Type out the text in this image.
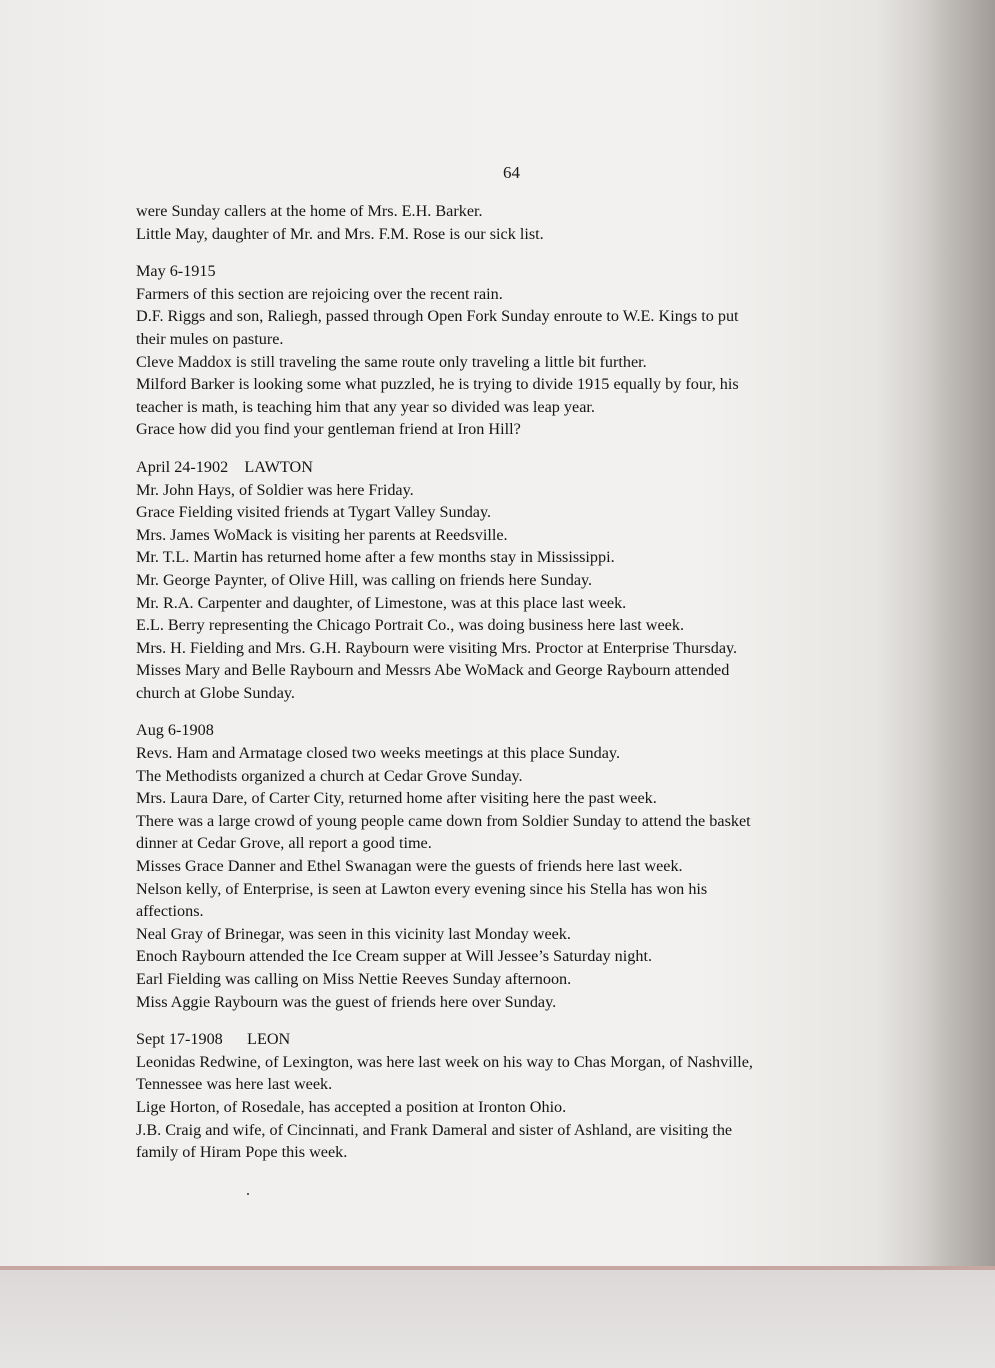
64
were Sunday callers at the home of Mrs. E.H. Barker.
Little May, daughter of Mr. and Mrs. F.M. Rose is our sick list.
May 6-1915
Farmers of this section are rejoicing over the recent rain.
D.F. Riggs and son, Raliegh, passed through Open Fork Sunday enroute to W.E. Kings to put
their mules on pasture.
Cleve Maddox is still traveling the same route only traveling a little bit further.
Milford Barker is looking some what puzzled, he is trying to divide 1915 equally by four, his
teacher is math, is teaching him that any year so divided was leap year.
Grace how did you find your gentleman friend at Iron Hill?
April 24-1902    LAWTON
Mr. John Hays, of Soldier was here Friday.
Grace Fielding visited friends at Tygart Valley Sunday.
Mrs. James WoMack is visiting her parents at Reedsville.
Mr. T.L. Martin has returned home after a few months stay in Mississippi.
Mr. George Paynter, of Olive Hill, was calling on friends here Sunday.
Mr. R.A. Carpenter and daughter, of Limestone, was at this place last week.
E.L. Berry representing the Chicago Portrait Co., was doing business here last week.
Mrs. H. Fielding and Mrs. G.H. Raybourn were visiting Mrs. Proctor at Enterprise Thursday.
Misses Mary and Belle Raybourn and Messrs Abe WoMack and George Raybourn attended
church at Globe Sunday.
Aug 6-1908
Revs. Ham and Armatage closed two weeks meetings at this place Sunday.
The Methodists organized a church at Cedar Grove Sunday.
Mrs. Laura Dare, of Carter City, returned home after visiting here the past week.
There was a large crowd of young people came down from Soldier Sunday to attend the basket
dinner at Cedar Grove, all report a good time.
Misses Grace Danner and Ethel Swanagan were the guests of friends here last week.
Nelson kelly, of Enterprise, is seen at Lawton every evening since his Stella has won his
affections.
Neal Gray of Brinegar, was seen in this vicinity last Monday week.
Enoch Raybourn attended the Ice Cream supper at Will Jessee’s Saturday night.
Earl Fielding was calling on Miss Nettie Reeves Sunday afternoon.
Miss Aggie Raybourn was the guest of friends here over Sunday.
Sept 17-1908      LEON
Leonidas Redwine, of Lexington, was here last week on his way to Chas Morgan, of Nashville,
Tennessee was here last week.
Lige Horton, of Rosedale, has accepted a position at Ironton Ohio.
J.B. Craig and wife, of Cincinnati, and Frank Dameral and sister of Ashland, are visiting the
family of Hiram Pope this week.
